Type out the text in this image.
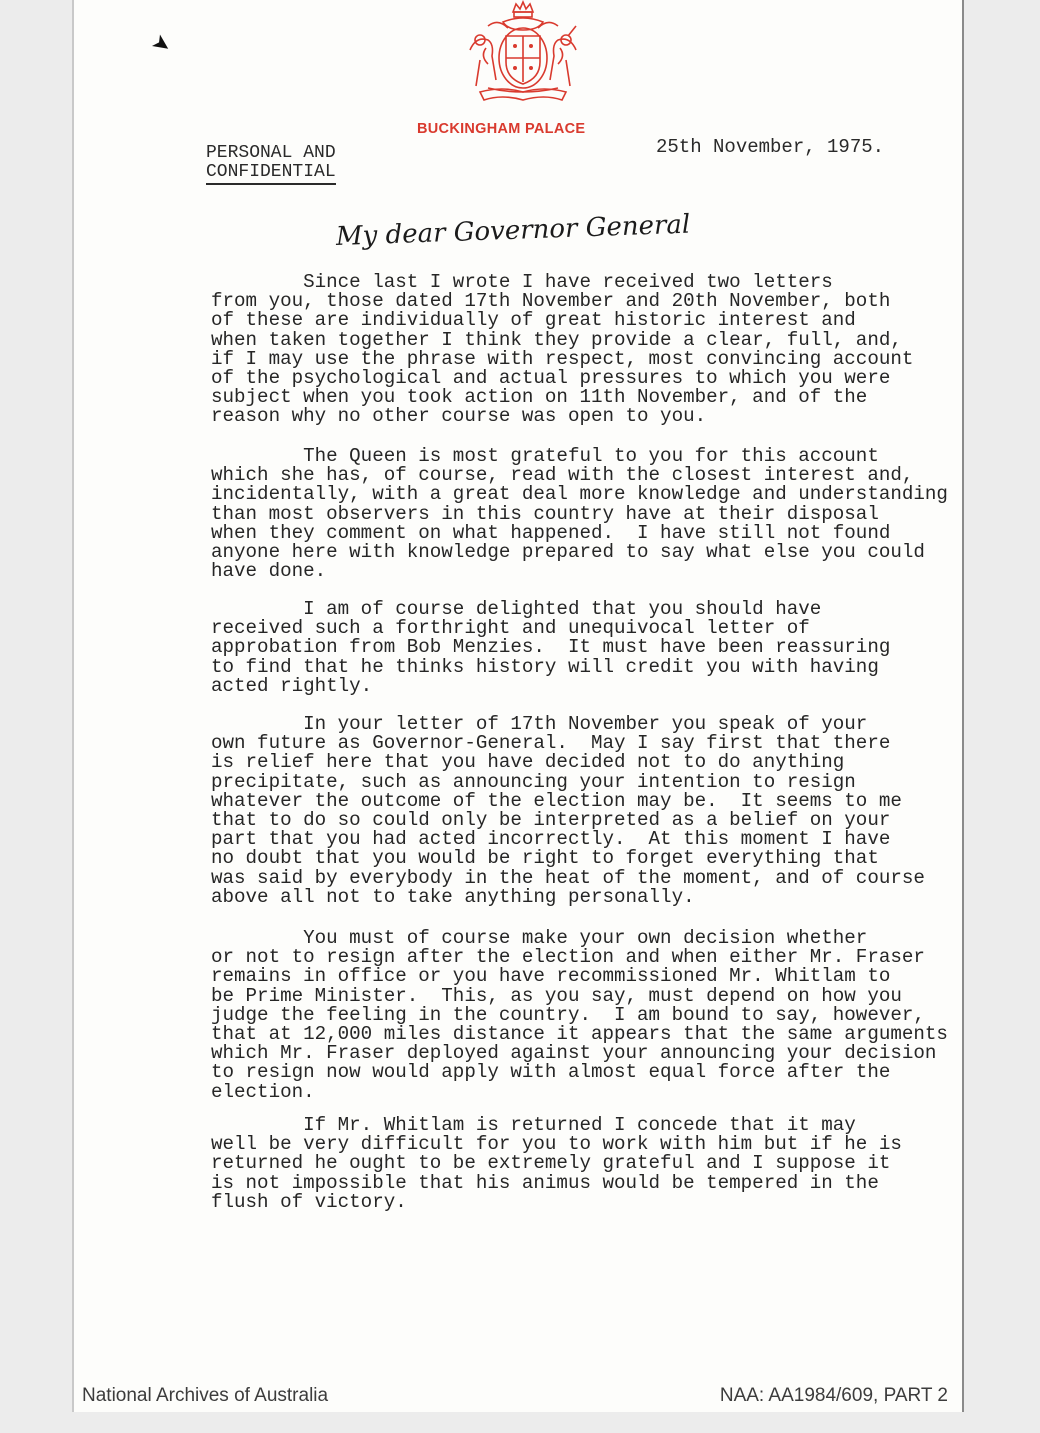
➤
BUCKINGHAM PALACE
25th November, 1975.
PERSONAL AND
CONFIDENTIAL
My dear Governor General

Since last I wrote I have received two letters
from you, those dated 17th November and 20th November, both
of these are individually of great historic interest and
when taken together I think they provide a clear, full, and,
if I may use the phrase with respect, most convincing account
of the psychological and actual pressures to which you were
subject when you took action on 11th November, and of the
reason why no other course was open to you.

The Queen is most grateful to you for this account
which she has, of course, read with the closest interest and,
incidentally, with a great deal more knowledge and understanding
than most observers in this country have at their disposal
when they comment on what happened.  I have still not found
anyone here with knowledge prepared to say what else you could
have done.

I am of course delighted that you should have
received such a forthright and unequivocal letter of
approbation from Bob Menzies.  It must have been reassuring
to find that he thinks history will credit you with having
acted rightly.

In your letter of 17th November you speak of your
own future as Governor-General.  May I say first that there
is relief here that you have decided not to do anything
precipitate, such as announcing your intention to resign
whatever the outcome of the election may be.  It seems to me
that to do so could only be interpreted as a belief on your
part that you had acted incorrectly.  At this moment I have
no doubt that you would be right to forget everything that
was said by everybody in the heat of the moment, and of course
above all not to take anything personally.

You must of course make your own decision whether
or not to resign after the election and when either Mr. Fraser
remains in office or you have recommissioned Mr. Whitlam to
be Prime Minister.  This, as you say, must depend on how you
judge the feeling in the country.  I am bound to say, however,
that at 12,000 miles distance it appears that the same arguments
which Mr. Fraser deployed against your announcing your decision
to resign now would apply with almost equal force after the
election.

If Mr. Whitlam is returned I concede that it may
well be very difficult for you to work with him but if he is
returned he ought to be extremely grateful and I suppose it
is not impossible that his animus would be tempered in the
flush of victory.

National Archives of Australia	NAA: AA1984/609, PART 2
